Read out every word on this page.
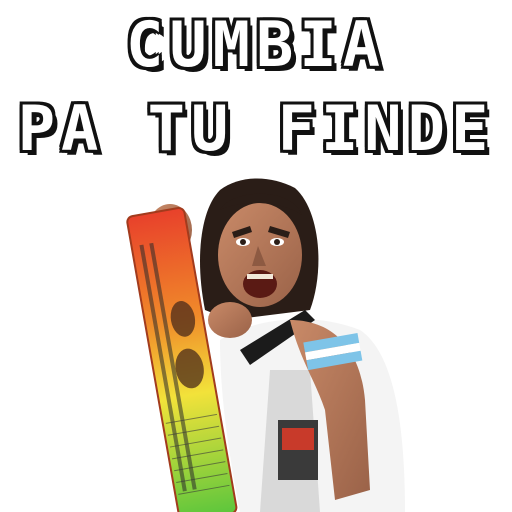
CUMBIA
PA TU FINDE
